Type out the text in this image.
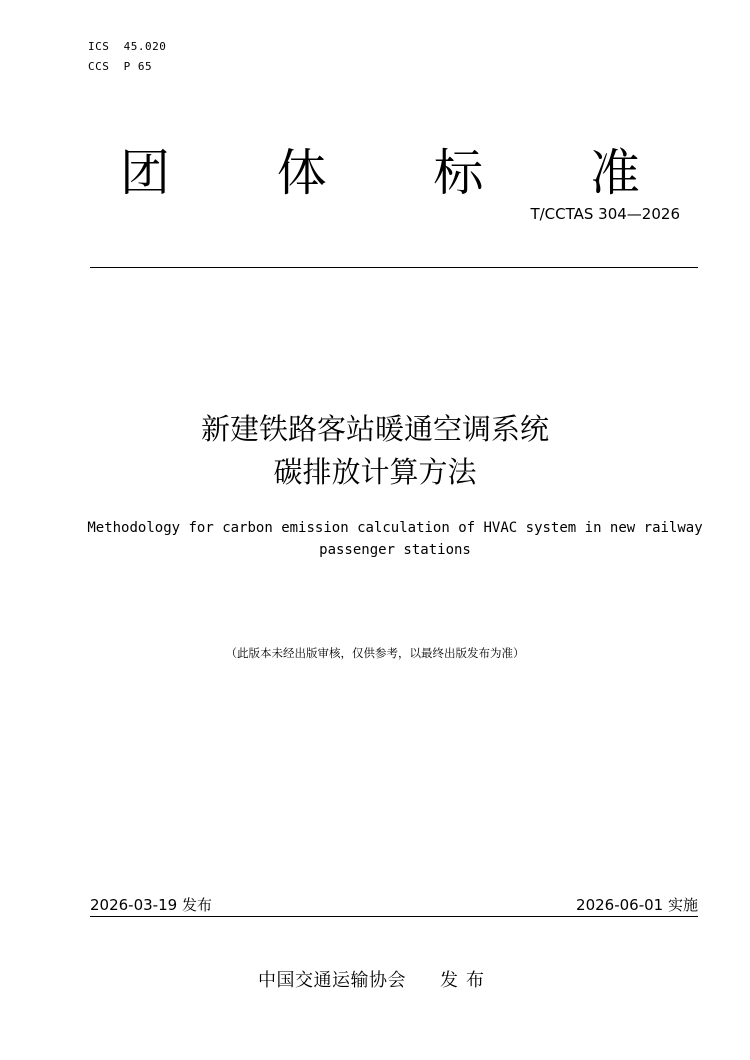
ICS  45.020
CCS  P 65
团 体 标 准
T/CCTAS 304—2026
新建铁路客站暖通空调系统
碳排放计算方法
Methodology for carbon emission calculation of HVAC system in new railway
passenger stations
（此版本未经出版审核，仅供参考，以最终出版发布为准）
2026-03-19 发布	2026-06-01 实施
中国交通运输协会 发布
